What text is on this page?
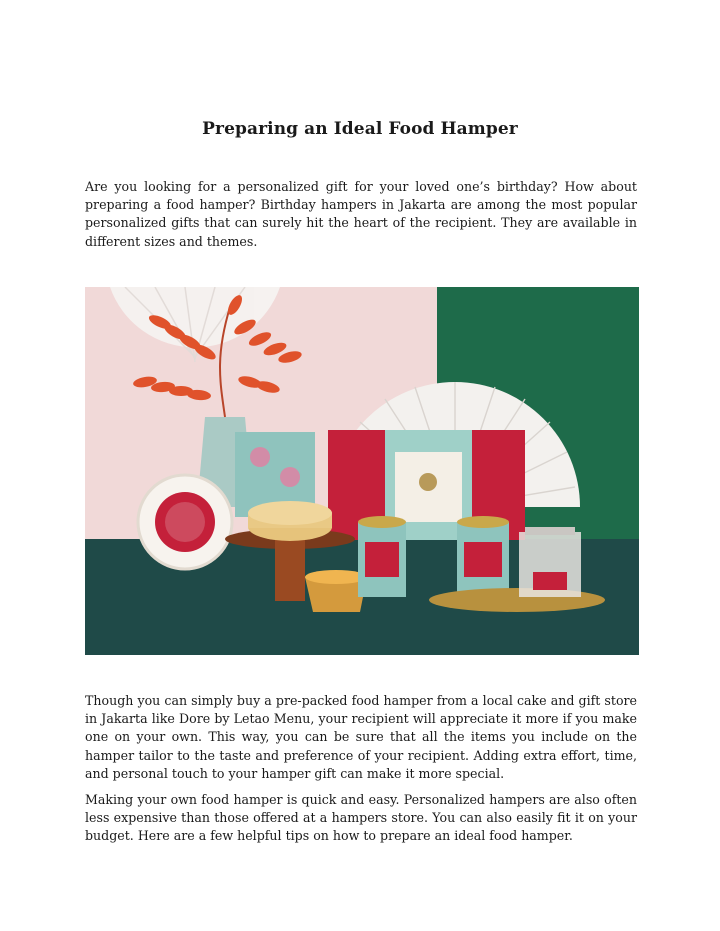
Preparing an Ideal Food Hamper

Are you looking for a personalized gift for your loved one’s birthday? How about preparing a food hamper? Birthday hampers in Jakarta are among the most popular personalized gifts that can surely hit the heart of the recipient. They are available in different sizes and themes.

Though you can simply buy a pre-packed food hamper from a local cake and gift store in Jakarta like Dore by Letao Menu, your recipient will appreciate it more if you make one on your own. This way, you can be sure that all the items you include on the hamper tailor to the taste and preference of your recipient. Adding extra effort, time, and personal touch to your hamper gift can make it more special.

Making your own food hamper is quick and easy. Personalized hampers are also often less expensive than those offered at a hampers store. You can also easily fit it on your budget. Here are a few helpful tips on how to prepare an ideal food hamper.
